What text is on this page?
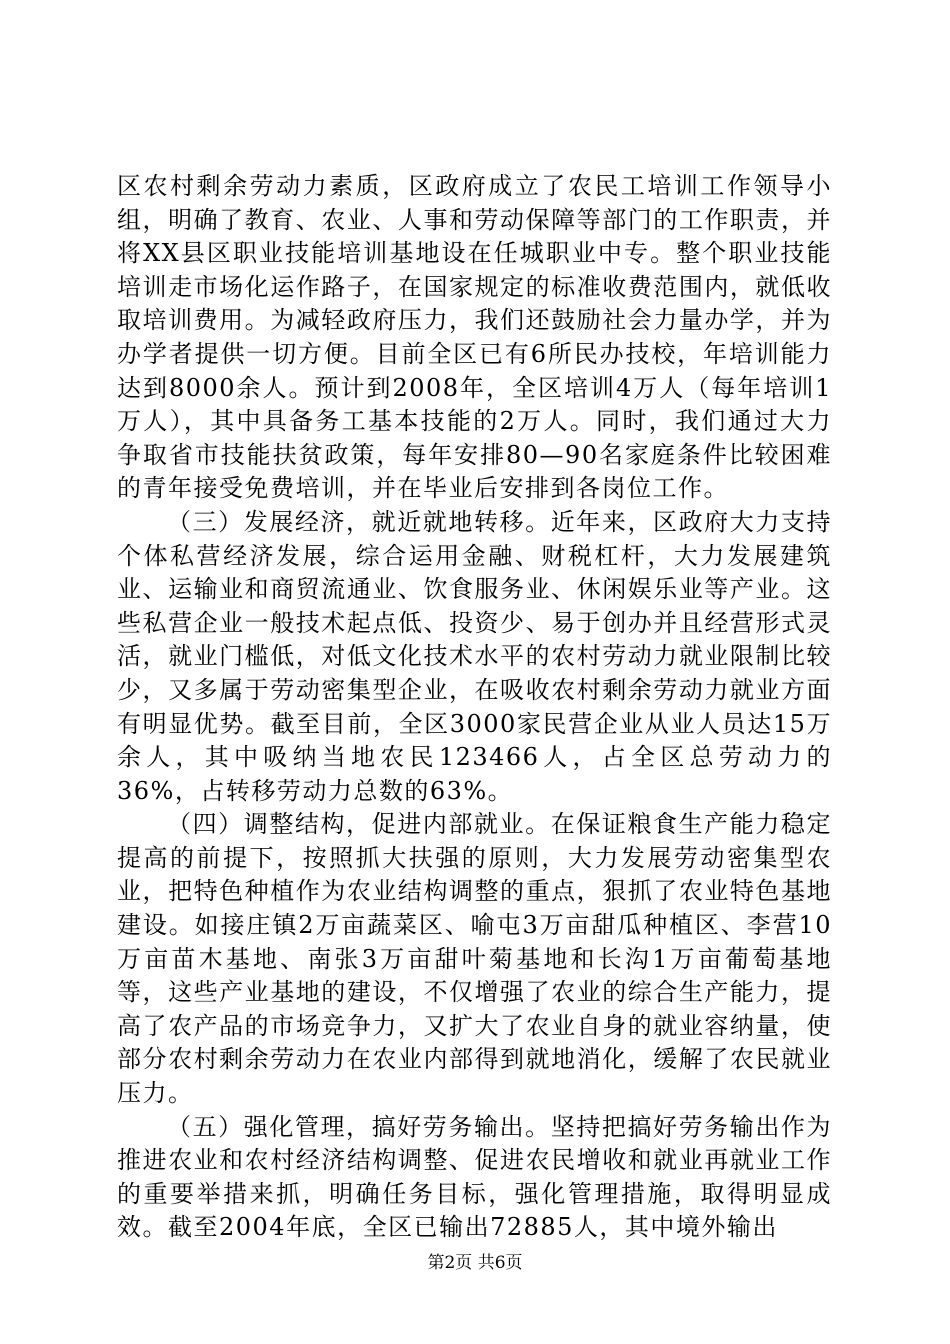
区农村剩余劳动力素质，区政府成立了农民工培训工作领导小组，明确了教育、农业、人事和劳动保障等部门的工作职责，并将XX县区职业技能培训基地设在任城职业中专。整个职业技能培训走市场化运作路子，在国家规定的标准收费范围内，就低收取培训费用。为减轻政府压力，我们还鼓励社会力量办学，并为办学者提供一切方便。目前全区已有6所民办技校，年培训能力达到8000余人。预计到2008年，全区培训4万人（每年培训1万人），其中具备务工基本技能的2万人。同时，我们通过大力争取省市技能扶贫政策，每年安排80—90名家庭条件比较困难的青年接受免费培训，并在毕业后安排到各岗位工作。

（三）发展经济，就近就地转移。近年来，区政府大力支持个体私营经济发展，综合运用金融、财税杠杆，大力发展建筑业、运输业和商贸流通业、饮食服务业、休闲娱乐业等产业。这些私营企业一般技术起点低、投资少、易于创办并且经营形式灵活，就业门槛低，对低文化技术水平的农村劳动力就业限制比较少，又多属于劳动密集型企业，在吸收农村剩余劳动力就业方面有明显优势。截至目前，全区3000家民营企业从业人员达15万余人，其中吸纳当地农民123466人，占全区总劳动力的36%，占转移劳动力总数的63%。

（四）调整结构，促进内部就业。在保证粮食生产能力稳定提高的前提下，按照抓大扶强的原则，大力发展劳动密集型农业，把特色种植作为农业结构调整的重点，狠抓了农业特色基地建设。如接庄镇2万亩蔬菜区、喻屯3万亩甜瓜种植区、李营10万亩苗木基地、南张3万亩甜叶菊基地和长沟1万亩葡萄基地等，这些产业基地的建设，不仅增强了农业的综合生产能力，提高了农产品的市场竞争力，又扩大了农业自身的就业容纳量，使部分农村剩余劳动力在农业内部得到就地消化，缓解了农民就业压力。

（五）强化管理，搞好劳务输出。坚持把搞好劳务输出作为推进农业和农村经济结构调整、促进农民增收和就业再就业工作的重要举措来抓，明确任务目标，强化管理措施，取得明显成效。截至2004年底，全区已输出72885人，其中境外输出

第2页 共6页
